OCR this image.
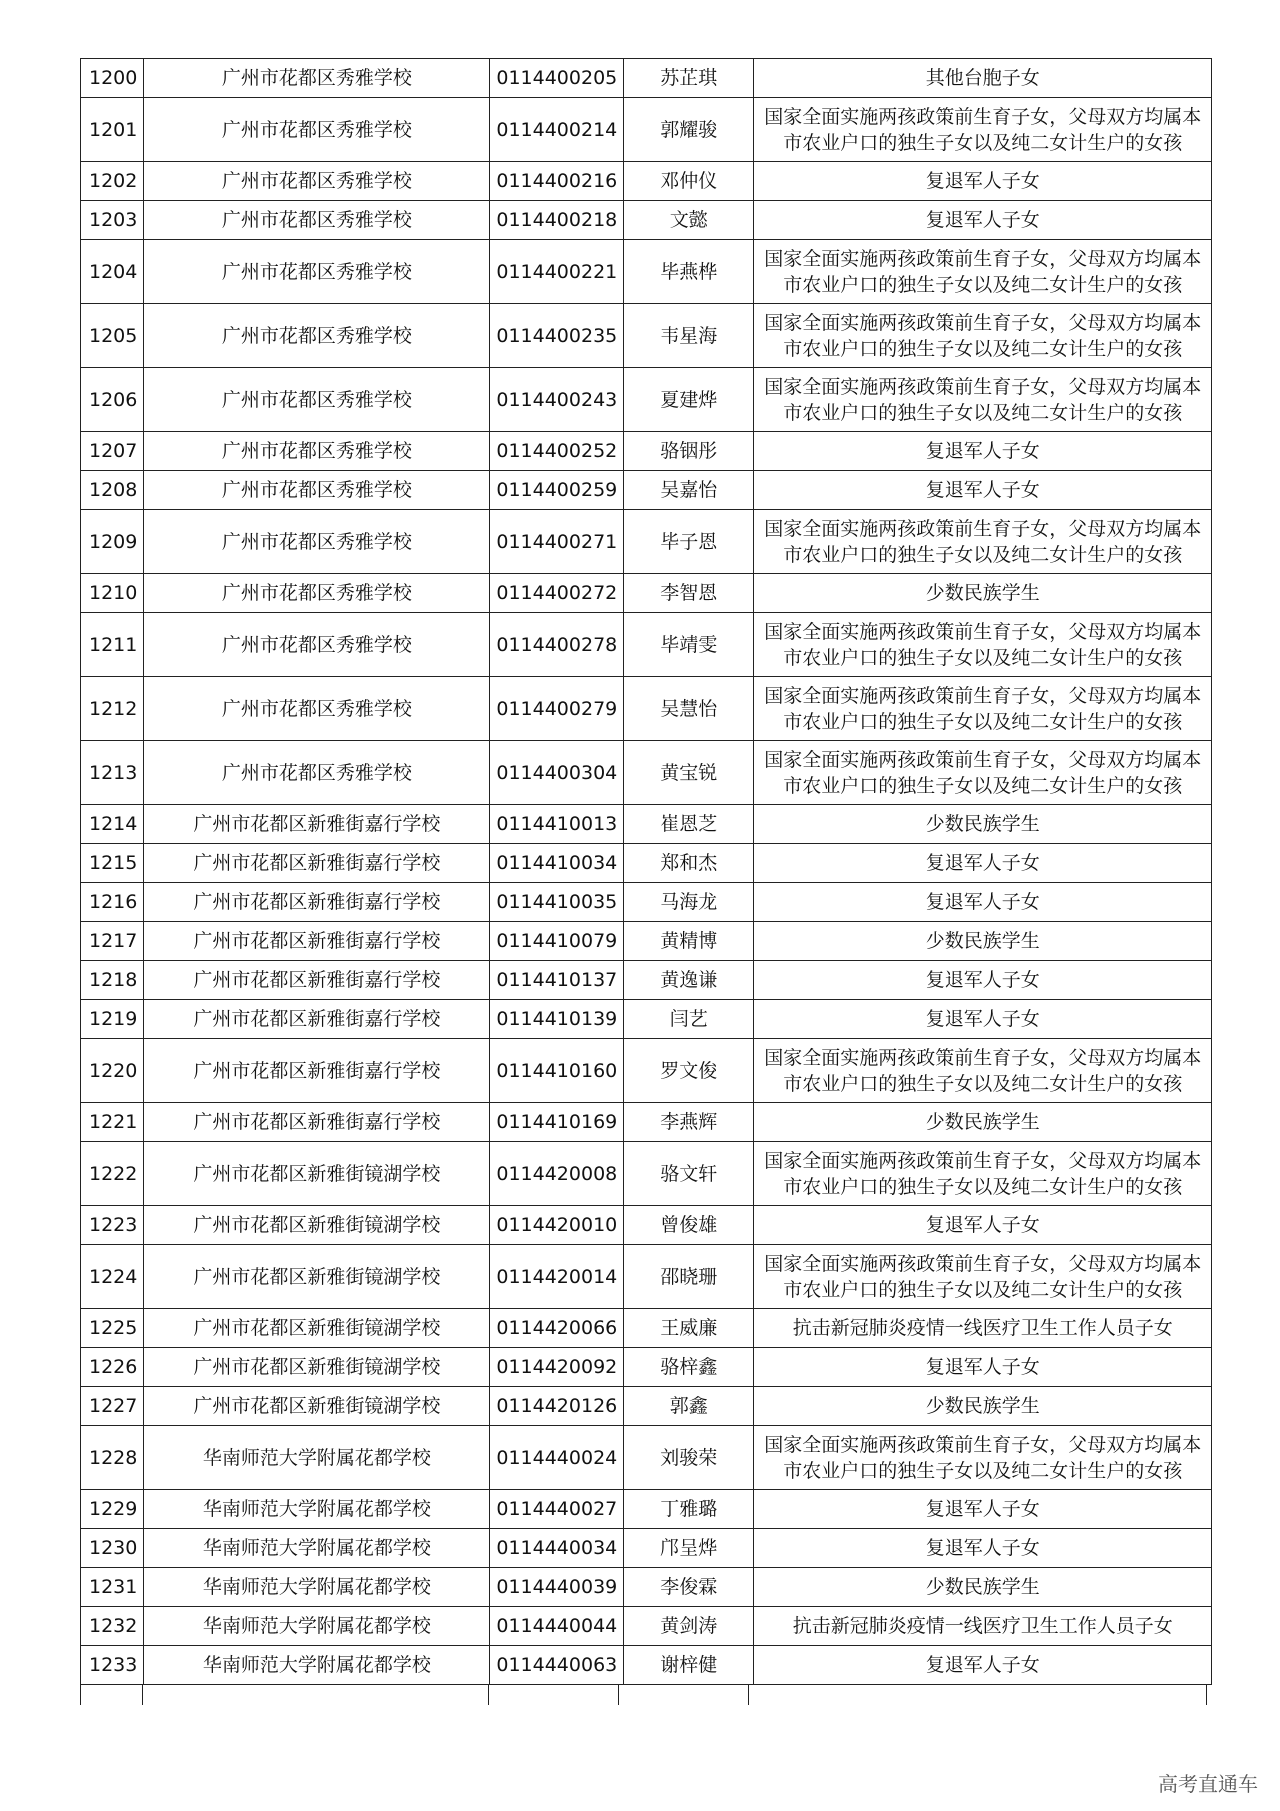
1200	广州市花都区秀雅学校	0114400205	苏芷琪	其他台胞子女
1201	广州市花都区秀雅学校	0114400214	郭耀骏	国家全面实施两孩政策前生育子女，父母双方均属本市农业户口的独生子女以及纯二女计生户的女孩
1202	广州市花都区秀雅学校	0114400216	邓仲仪	复退军人子女
1203	广州市花都区秀雅学校	0114400218	文懿	复退军人子女
1204	广州市花都区秀雅学校	0114400221	毕燕桦	国家全面实施两孩政策前生育子女，父母双方均属本市农业户口的独生子女以及纯二女计生户的女孩
1205	广州市花都区秀雅学校	0114400235	韦星海	国家全面实施两孩政策前生育子女，父母双方均属本市农业户口的独生子女以及纯二女计生户的女孩
1206	广州市花都区秀雅学校	0114400243	夏建烨	国家全面实施两孩政策前生育子女，父母双方均属本市农业户口的独生子女以及纯二女计生户的女孩
1207	广州市花都区秀雅学校	0114400252	骆铟彤	复退军人子女
1208	广州市花都区秀雅学校	0114400259	吴嘉怡	复退军人子女
1209	广州市花都区秀雅学校	0114400271	毕子恩	国家全面实施两孩政策前生育子女，父母双方均属本市农业户口的独生子女以及纯二女计生户的女孩
1210	广州市花都区秀雅学校	0114400272	李智恩	少数民族学生
1211	广州市花都区秀雅学校	0114400278	毕靖雯	国家全面实施两孩政策前生育子女，父母双方均属本市农业户口的独生子女以及纯二女计生户的女孩
1212	广州市花都区秀雅学校	0114400279	吴慧怡	国家全面实施两孩政策前生育子女，父母双方均属本市农业户口的独生子女以及纯二女计生户的女孩
1213	广州市花都区秀雅学校	0114400304	黄宝锐	国家全面实施两孩政策前生育子女，父母双方均属本市农业户口的独生子女以及纯二女计生户的女孩
1214	广州市花都区新雅街嘉行学校	0114410013	崔恩芝	少数民族学生
1215	广州市花都区新雅街嘉行学校	0114410034	郑和杰	复退军人子女
1216	广州市花都区新雅街嘉行学校	0114410035	马海龙	复退军人子女
1217	广州市花都区新雅街嘉行学校	0114410079	黄精博	少数民族学生
1218	广州市花都区新雅街嘉行学校	0114410137	黄逸谦	复退军人子女
1219	广州市花都区新雅街嘉行学校	0114410139	闫艺	复退军人子女
1220	广州市花都区新雅街嘉行学校	0114410160	罗文俊	国家全面实施两孩政策前生育子女，父母双方均属本市农业户口的独生子女以及纯二女计生户的女孩
1221	广州市花都区新雅街嘉行学校	0114410169	李燕辉	少数民族学生
1222	广州市花都区新雅街镜湖学校	0114420008	骆文轩	国家全面实施两孩政策前生育子女，父母双方均属本市农业户口的独生子女以及纯二女计生户的女孩
1223	广州市花都区新雅街镜湖学校	0114420010	曾俊雄	复退军人子女
1224	广州市花都区新雅街镜湖学校	0114420014	邵晓珊	国家全面实施两孩政策前生育子女，父母双方均属本市农业户口的独生子女以及纯二女计生户的女孩
1225	广州市花都区新雅街镜湖学校	0114420066	王威廉	抗击新冠肺炎疫情一线医疗卫生工作人员子女
1226	广州市花都区新雅街镜湖学校	0114420092	骆梓鑫	复退军人子女
1227	广州市花都区新雅街镜湖学校	0114420126	郭鑫	少数民族学生
1228	华南师范大学附属花都学校	0114440024	刘骏荣	国家全面实施两孩政策前生育子女，父母双方均属本市农业户口的独生子女以及纯二女计生户的女孩
1229	华南师范大学附属花都学校	0114440027	丁雅璐	复退军人子女
1230	华南师范大学附属花都学校	0114440034	邝呈烨	复退军人子女
1231	华南师范大学附属花都学校	0114440039	李俊霖	少数民族学生
1232	华南师范大学附属花都学校	0114440044	黄剑涛	抗击新冠肺炎疫情一线医疗卫生工作人员子女
1233	华南师范大学附属花都学校	0114440063	谢梓健	复退军人子女
高考直通车
